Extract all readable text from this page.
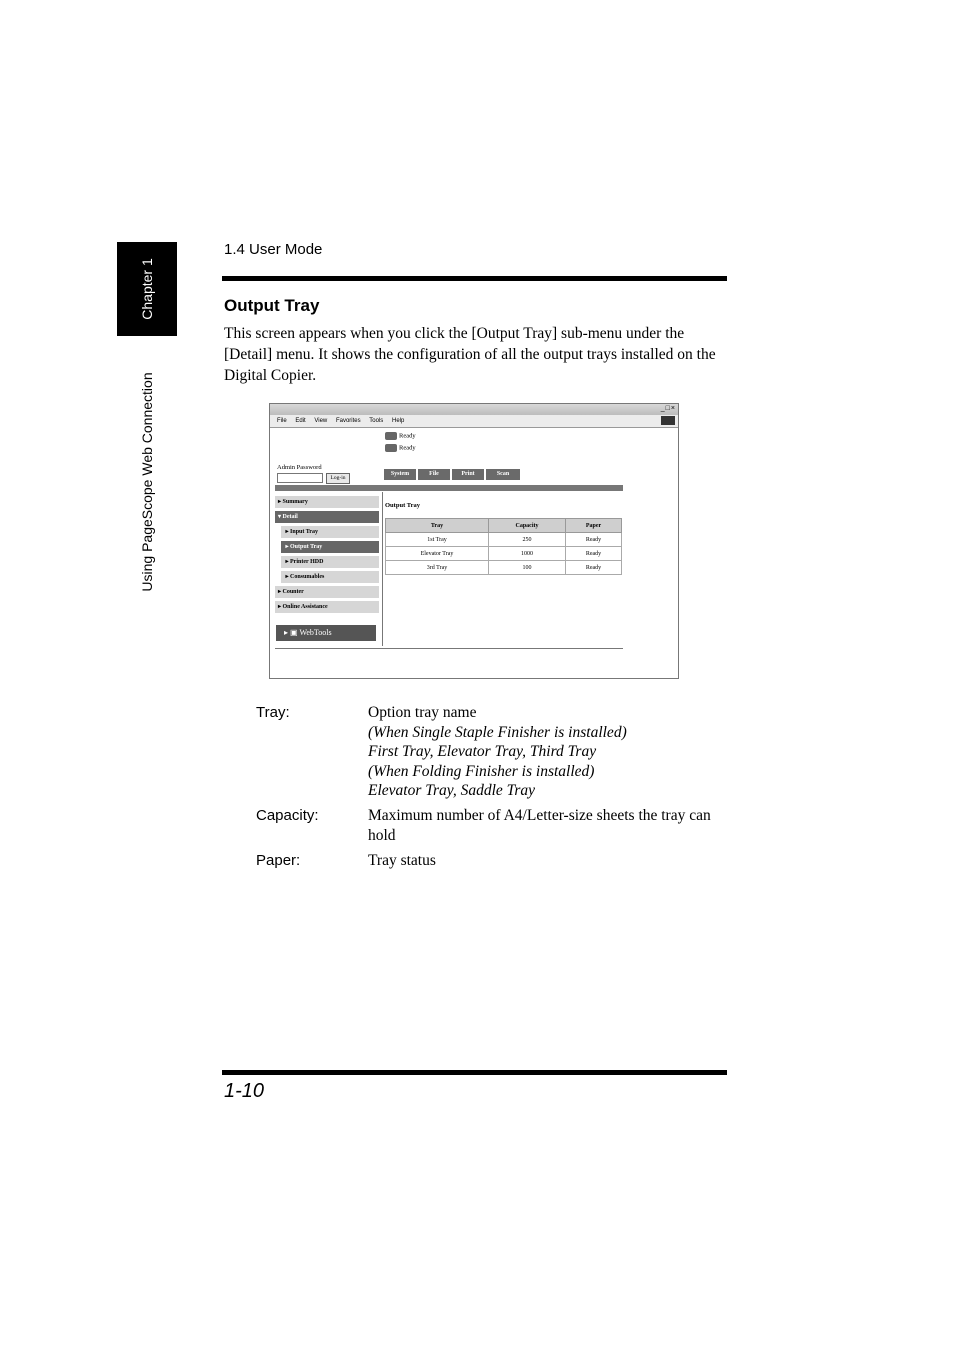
Chapter 1
Using PageScope Web Connection
1.4 User Mode
Output Tray
This screen appears when you click the [Output Tray] sub-menu under the [Detail] menu. It shows the configuration of all the output trays installed on the Digital Copier.
_□×
File Edit View Favorites Tools Help
Ready
Ready
Admin Password
Log-in
System	File	Print	Scan
▸ Summary
▾ Detail
▸ Input Tray
▸ Output Tray
▸ Printer HDD
▸ Consumables
▸ Counter
▸ Online Assistance
▸ ▣ WebTools
Output Tray
Tray	Capacity	Paper
1st Tray	250	Ready
Elevator Tray	1000	Ready
3rd Tray	100	Ready
Tray:	Option tray name
(When Single Staple Finisher is installed)
First Tray, Elevator Tray, Third Tray
(When Folding Finisher is installed)
Elevator Tray, Saddle Tray
Capacity:	Maximum number of A4/Letter-size sheets the tray can hold
Paper:	Tray status
1-10
